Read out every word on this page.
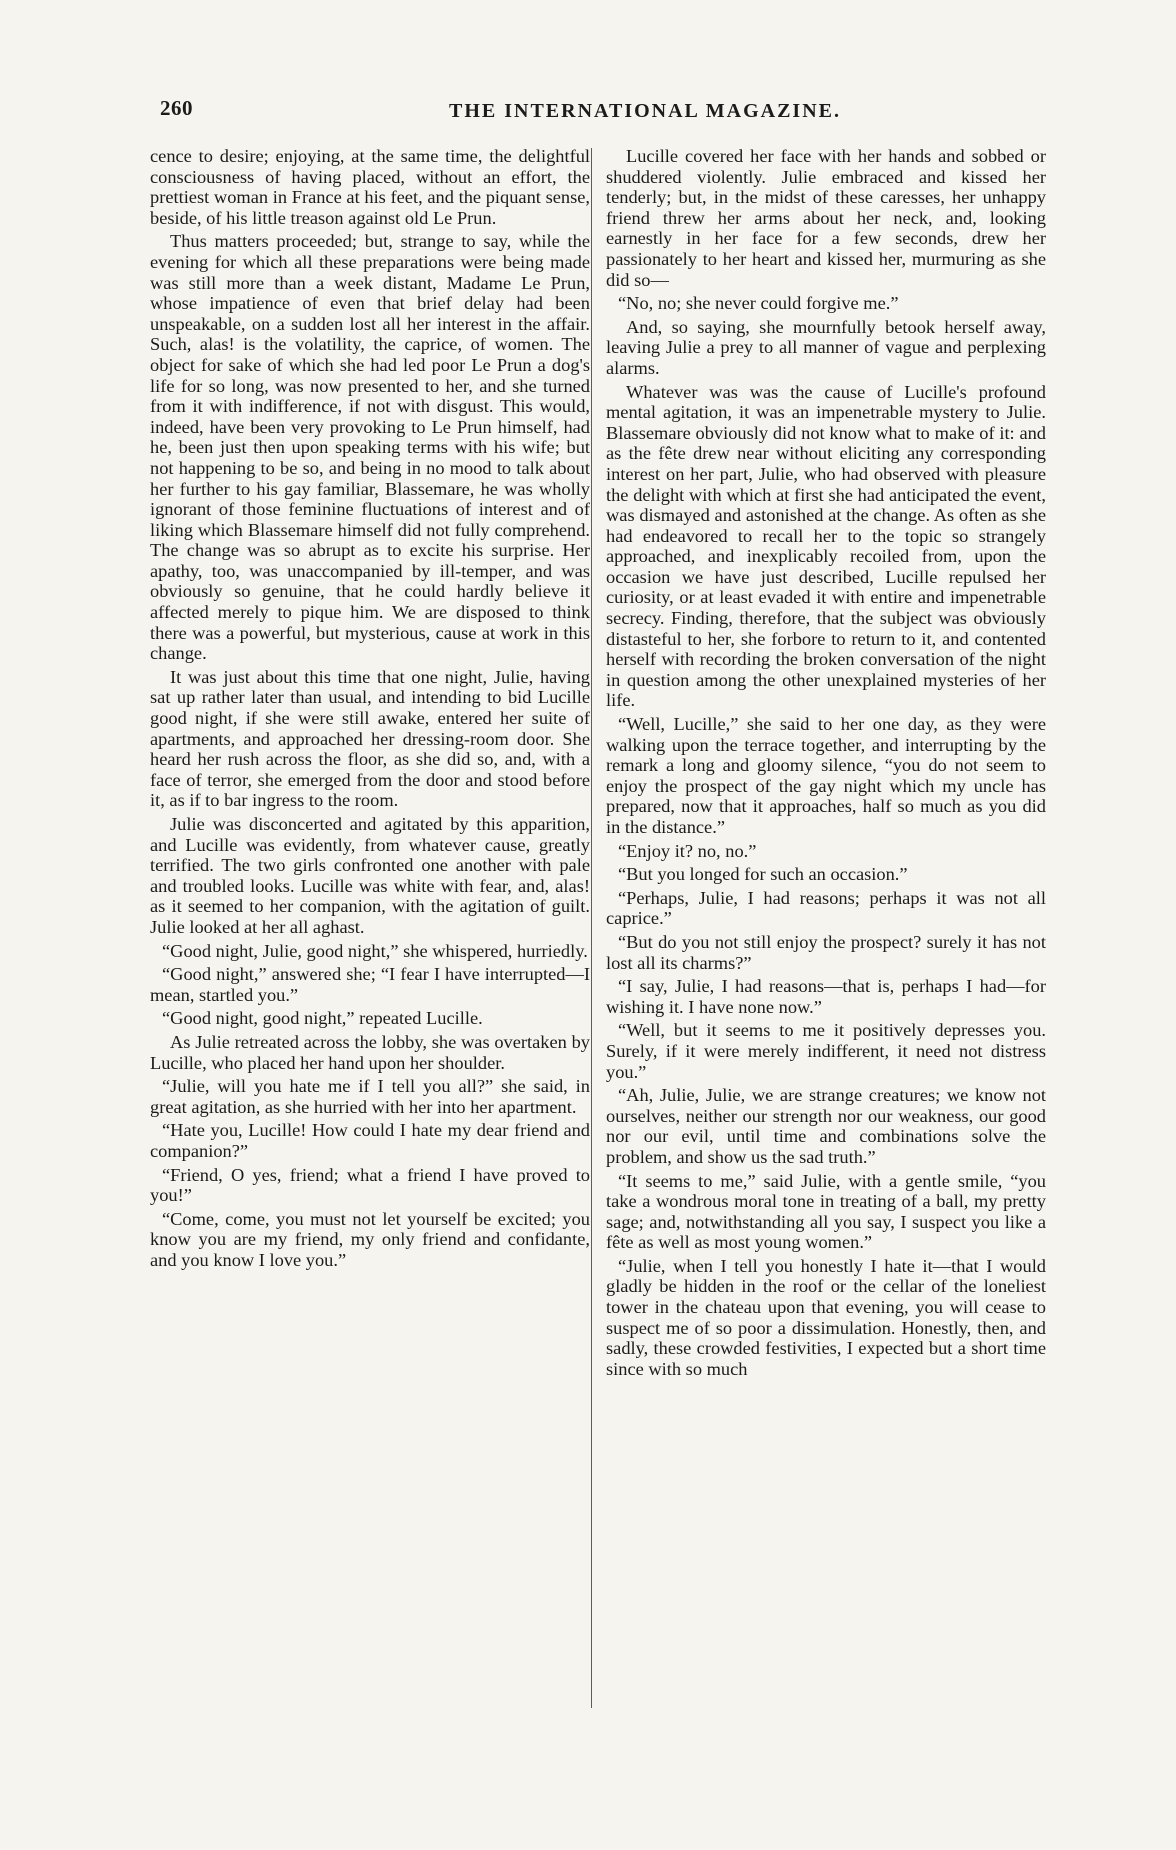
260	THE INTERNATIONAL MAGAZINE.

cence to desire; enjoying, at the same time, the delightful consciousness of having placed, without an effort, the prettiest woman in France at his feet, and the piquant sense, beside, of his little treason against old Le Prun.

Thus matters proceeded; but, strange to say, while the evening for which all these preparations were being made was still more than a week distant, Madame Le Prun, whose impatience of even that brief delay had been unspeakable, on a sudden lost all her interest in the affair. Such, alas! is the volatility, the caprice, of women. The object for sake of which she had led poor Le Prun a dog's life for so long, was now presented to her, and she turned from it with indifference, if not with disgust. This would, indeed, have been very provoking to Le Prun himself, had he, been just then upon speaking terms with his wife; but not happening to be so, and being in no mood to talk about her further to his gay familiar, Blassemare, he was wholly ignorant of those feminine fluctuations of interest and of liking which Blassemare himself did not fully comprehend. The change was so abrupt as to excite his surprise. Her apathy, too, was unaccompanied by ill-temper, and was obviously so genuine, that he could hardly believe it affected merely to pique him. We are disposed to think there was a powerful, but mysterious, cause at work in this change.

It was just about this time that one night, Julie, having sat up rather later than usual, and intending to bid Lucille good night, if she were still awake, entered her suite of apartments, and approached her dressing-room door. She heard her rush across the floor, as she did so, and, with a face of terror, she emerged from the door and stood before it, as if to bar ingress to the room.

Julie was disconcerted and agitated by this apparition, and Lucille was evidently, from whatever cause, greatly terrified. The two girls confronted one another with pale and troubled looks. Lucille was white with fear, and, alas! as it seemed to her companion, with the agitation of guilt. Julie looked at her all aghast.

“Good night, Julie, good night,” she whispered, hurriedly.

“Good night,” answered she; “I fear I have interrupted—I mean, startled you.”

“Good night, good night,” repeated Lucille.

As Julie retreated across the lobby, she was overtaken by Lucille, who placed her hand upon her shoulder.

“Julie, will you hate me if I tell you all?” she said, in great agitation, as she hurried with her into her apartment.

“Hate you, Lucille! How could I hate my dear friend and companion?”

“Friend, O yes, friend; what a friend I have proved to you!”

“Come, come, you must not let yourself be excited; you know you are my friend, my only friend and confidante, and you know I love you.”

Lucille covered her face with her hands and sobbed or shuddered violently. Julie embraced and kissed her tenderly; but, in the midst of these caresses, her unhappy friend threw her arms about her neck, and, looking earnestly in her face for a few seconds, drew her passionately to her heart and kissed her, murmuring as she did so—

“No, no; she never could forgive me.”

And, so saying, she mournfully betook herself away, leaving Julie a prey to all manner of vague and perplexing alarms.

Whatever was was the cause of Lucille's profound mental agitation, it was an impenetrable mystery to Julie. Blassemare obviously did not know what to make of it: and as the fête drew near without eliciting any corresponding interest on her part, Julie, who had observed with pleasure the delight with which at first she had anticipated the event, was dismayed and astonished at the change. As often as she had endeavored to recall her to the topic so strangely approached, and inexplicably recoiled from, upon the occasion we have just described, Lucille repulsed her curiosity, or at least evaded it with entire and impenetrable secrecy. Finding, therefore, that the subject was obviously distasteful to her, she forbore to return to it, and contented herself with recording the broken conversation of the night in question among the other unexplained mysteries of her life.

“Well, Lucille,” she said to her one day, as they were walking upon the terrace together, and interrupting by the remark a long and gloomy silence, “you do not seem to enjoy the prospect of the gay night which my uncle has prepared, now that it approaches, half so much as you did in the distance.”

“Enjoy it? no, no.”

“But you longed for such an occasion.”

“Perhaps, Julie, I had reasons; perhaps it was not all caprice.”

“But do you not still enjoy the prospect? surely it has not lost all its charms?”

“I say, Julie, I had reasons—that is, perhaps I had—for wishing it. I have none now.”

“Well, but it seems to me it positively depresses you. Surely, if it were merely indifferent, it need not distress you.”

“Ah, Julie, Julie, we are strange creatures; we know not ourselves, neither our strength nor our weakness, our good nor our evil, until time and combinations solve the problem, and show us the sad truth.”

“It seems to me,” said Julie, with a gentle smile, “you take a wondrous moral tone in treating of a ball, my pretty sage; and, notwithstanding all you say, I suspect you like a fête as well as most young women.”

“Julie, when I tell you honestly I hate it—that I would gladly be hidden in the roof or the cellar of the loneliest tower in the chateau upon that evening, you will cease to suspect me of so poor a dissimulation. Honestly, then, and sadly, these crowded festivities, I expected but a short time since with so much
